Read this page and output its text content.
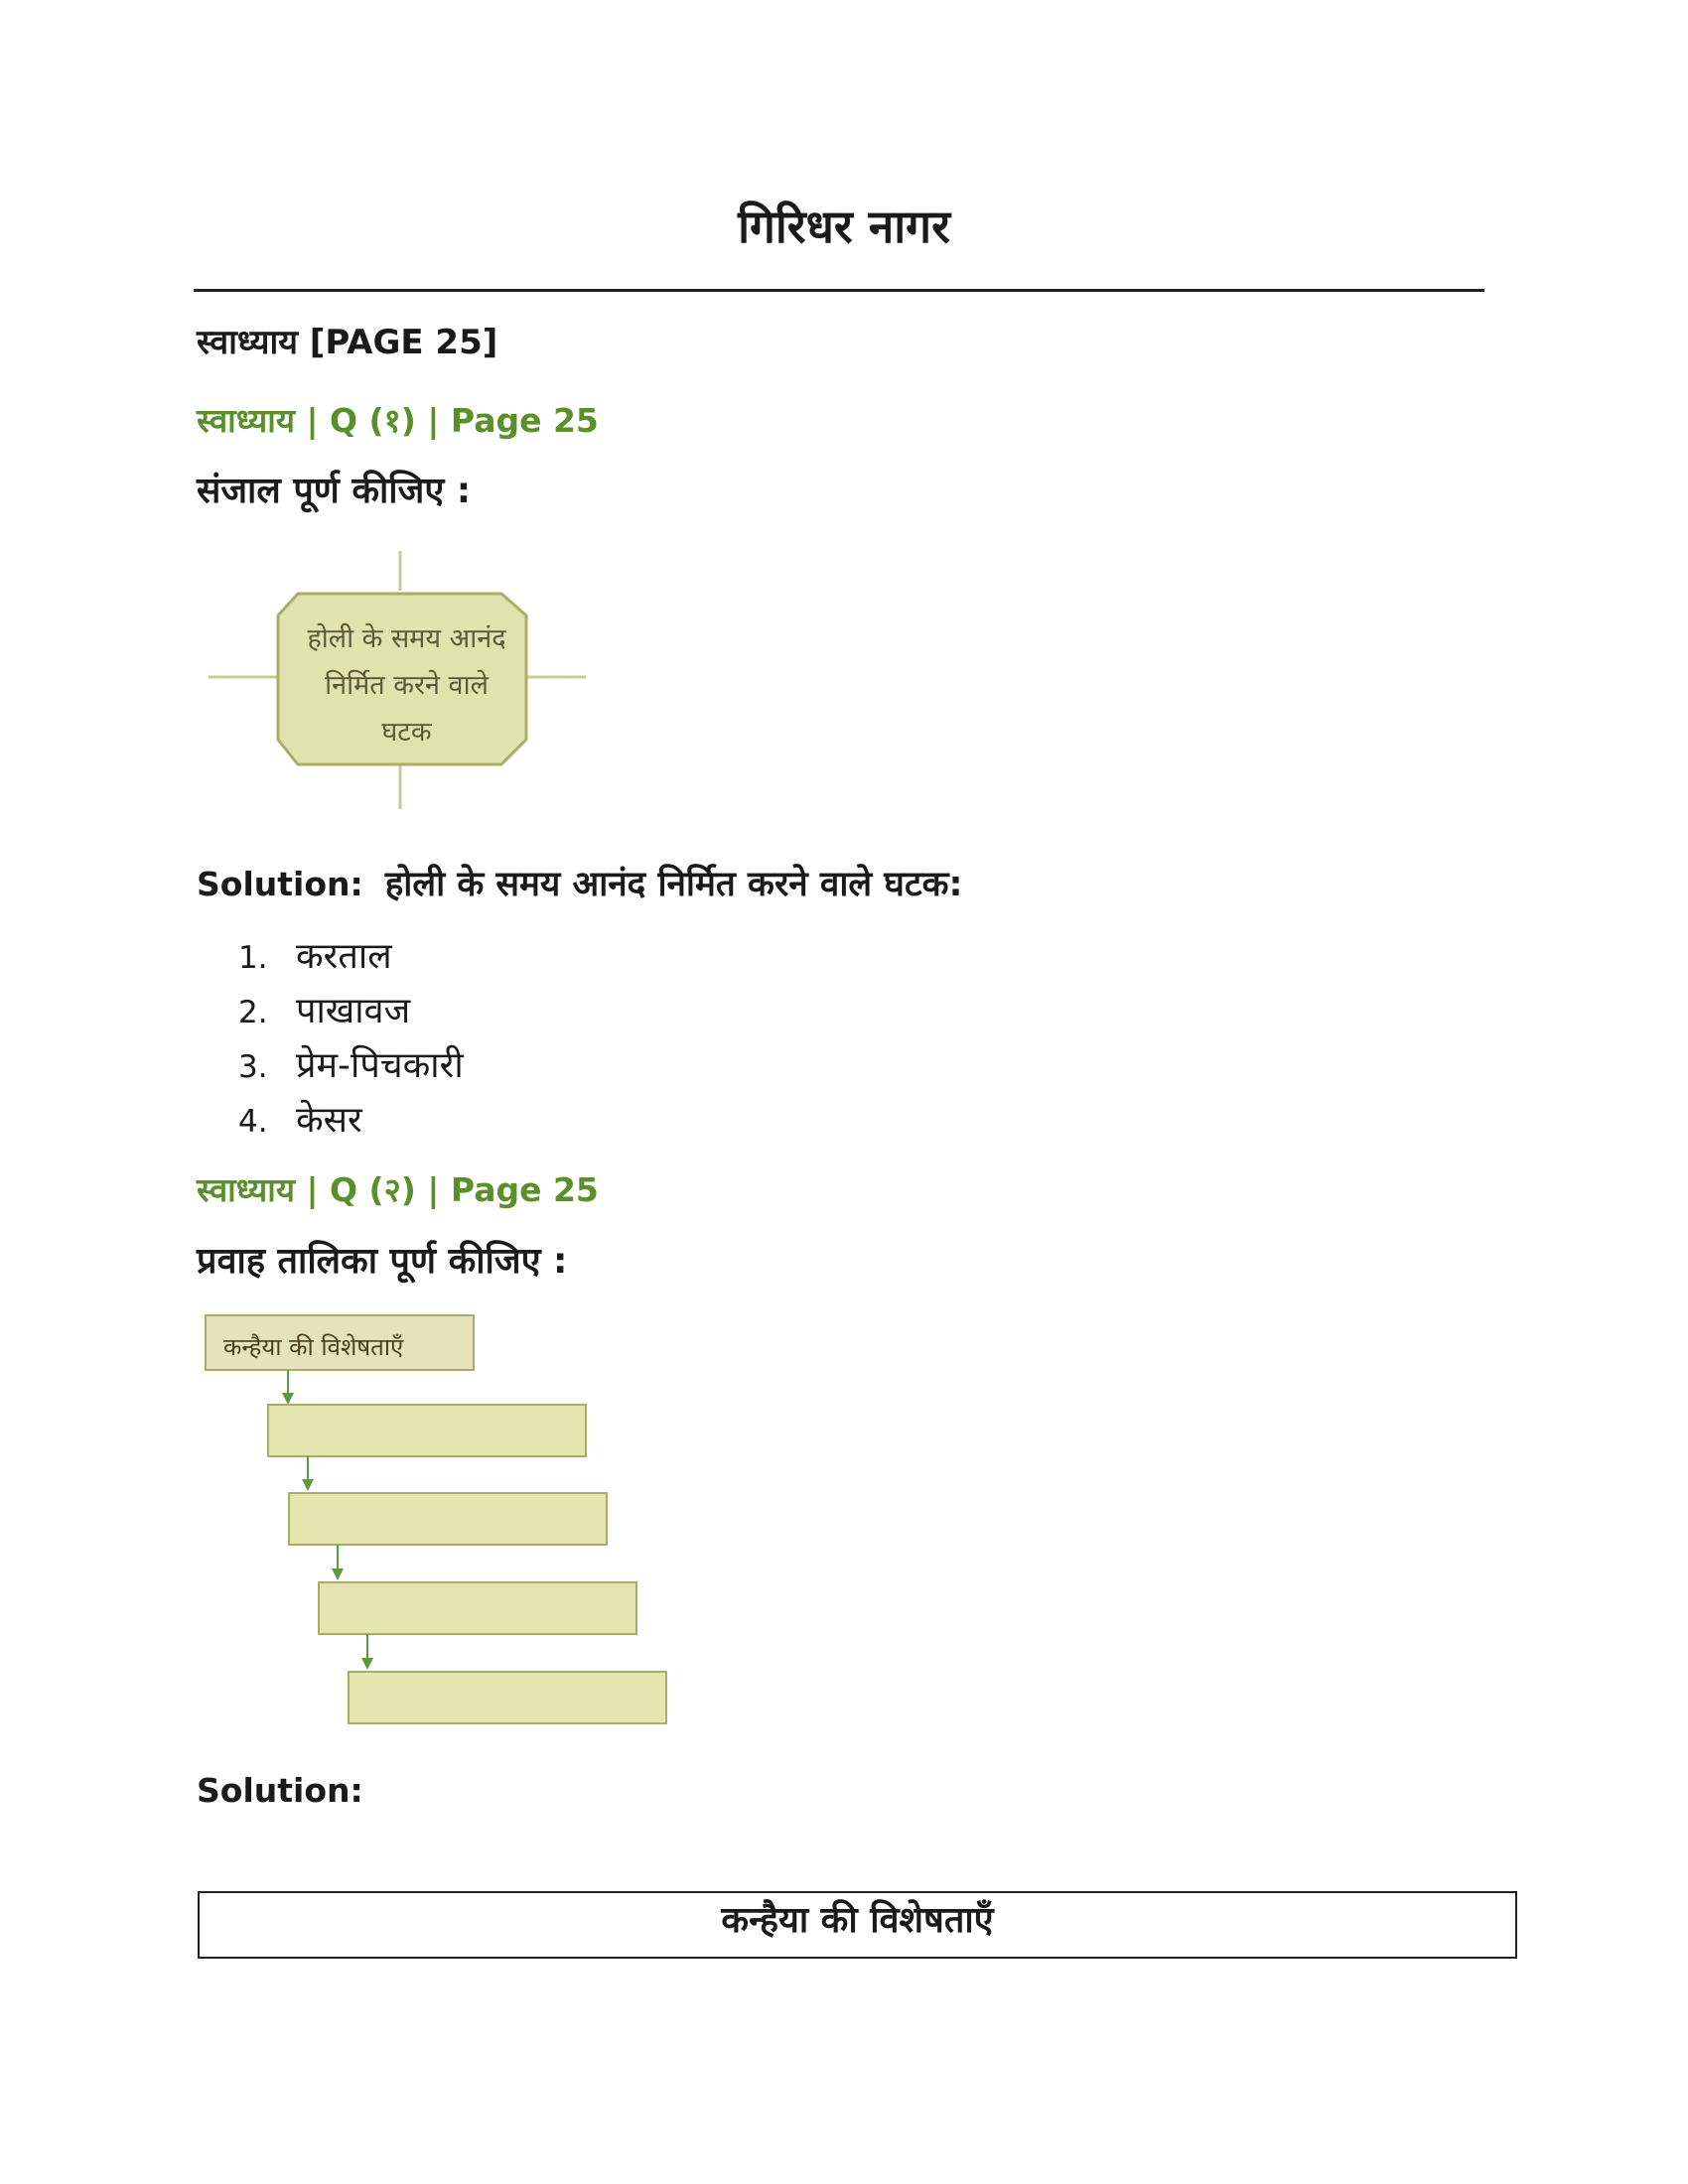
गिरिधर नागर
स्वाध्याय [PAGE 25]
स्वाध्याय | Q (१) | Page 25
संजाल पूर्ण कीजिए :
होली के समय आनंद
निर्मित करने वाले
घटक
Solution: होली के समय आनंद निर्मित करने वाले घटक:
1. करताल
2. पाखावज
3. प्रेम-पिचकारी
4. केसर
स्वाध्याय | Q (२) | Page 25
प्रवाह तालिका पूर्ण कीजिए :
कन्हैया की विशेषताएँ
Solution:
कन्हैया की विशेषताएँ
